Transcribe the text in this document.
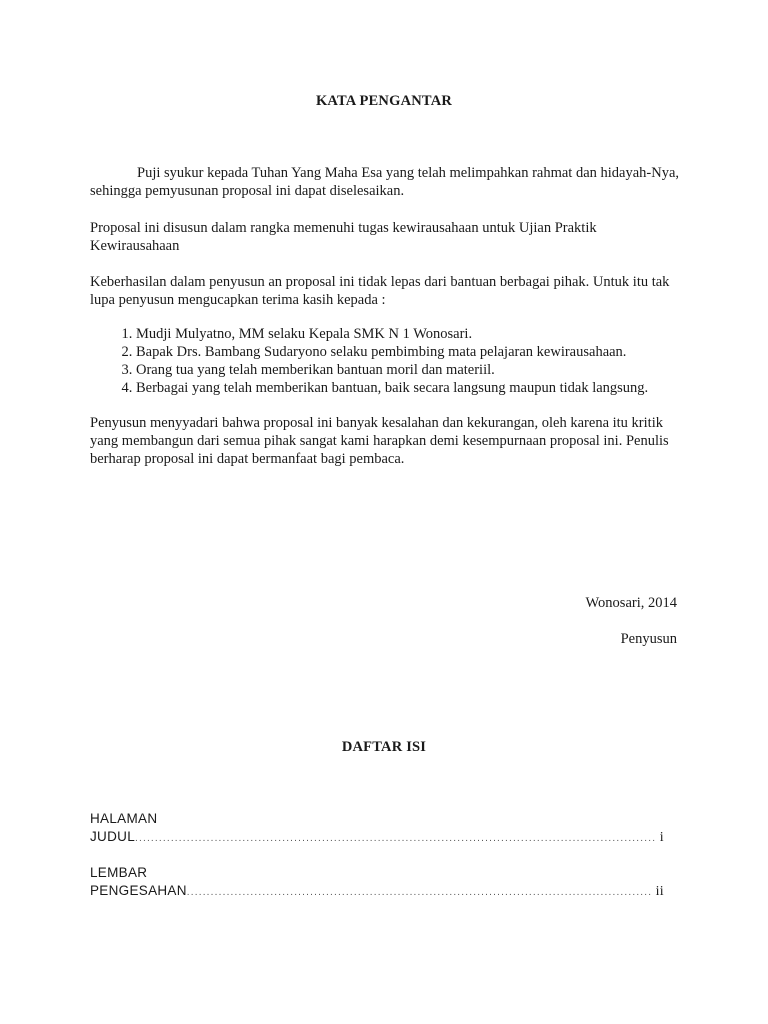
KATA PENGANTAR
Puji syukur kepada Tuhan Yang Maha Esa yang telah melimpahkan rahmat dan hidayah-Nya, sehingga pemyusunan proposal ini dapat diselesaikan.
Proposal ini disusun dalam rangka memenuhi tugas kewirausahaan untuk Ujian Praktik Kewirausahaan
Keberhasilan dalam penyusun an proposal ini tidak lepas dari bantuan berbagai pihak. Untuk itu tak lupa penyusun mengucapkan terima kasih kepada :
1. Mudji Mulyatno, MM selaku Kepala SMK N 1 Wonosari.
2. Bapak Drs. Bambang Sudaryono selaku pembimbing mata pelajaran kewirausahaan.
3. Orang tua yang telah memberikan bantuan moril dan materiil.
4. Berbagai yang telah memberikan bantuan, baik secara langsung maupun tidak langsung.
Penyusun menyyadari bahwa proposal ini banyak kesalahan dan kekurangan, oleh karena itu kritik yang membangun dari semua pihak sangat kami harapkan demi kesempurnaan proposal ini. Penulis berharap proposal ini dapat bermanfaat bagi pembaca.
Wonosari, 2014
Penyusun
DAFTAR ISI
HALAMAN
JUDUL .....	i
LEMBAR
PENGESAHAN .....	ii
